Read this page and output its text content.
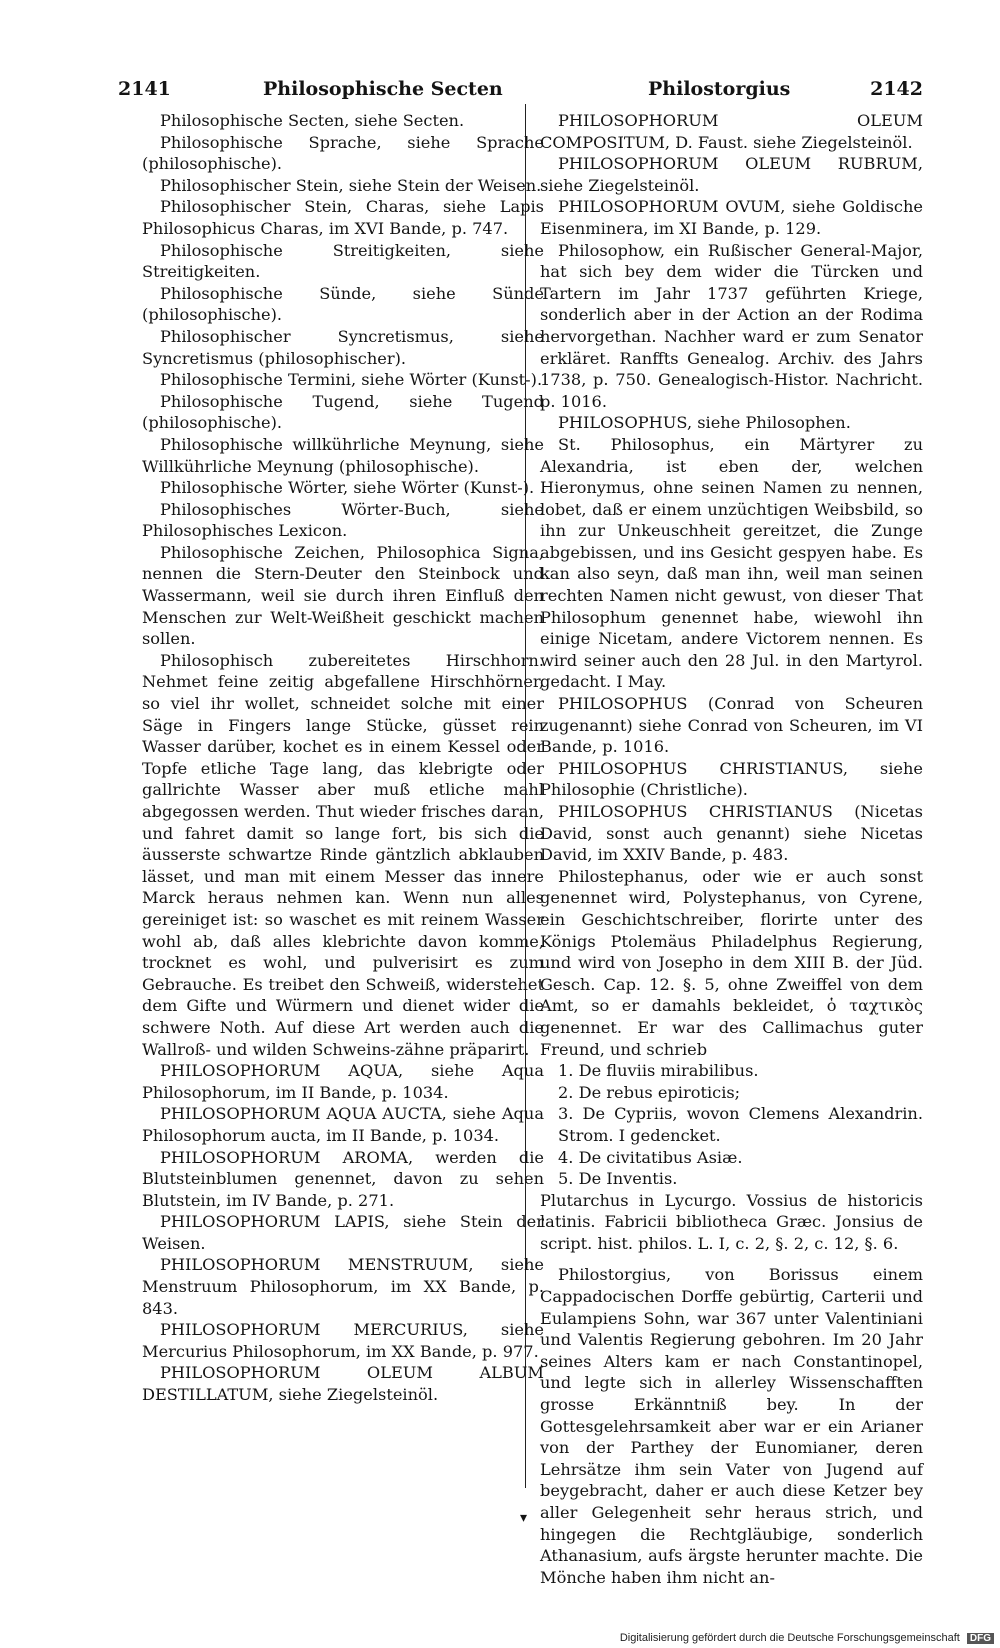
2141	Philosophische Secten	Philostorgius	2142

Philosophische Secten, siehe Secten.

Philosophische Sprache, siehe Sprache (philosophische).

Philosophischer Stein, siehe Stein der Weisen.

Philosophischer Stein, Charas, siehe Lapis Philosophicus Charas, im XVI Bande, p. 747.

Philosophische Streitigkeiten, siehe Streitigkeiten.

Philosophische Sünde, siehe Sünde (philosophische).

Philosophischer Syncretismus, siehe Syncretismus (philosophischer).

Philosophische Termini, siehe Wörter (Kunst-).

Philosophische Tugend, siehe Tugend (philosophische).

Philosophische willkührliche Meynung, siehe Willkührliche Meynung (philosophische).

Philosophische Wörter, siehe Wörter (Kunst-).

Philosophisches Wörter-Buch, siehe Philosophisches Lexicon.

Philosophische Zeichen, Philosophica Signa, nennen die Stern-Deuter den Steinbock und Wassermann, weil sie durch ihren Einfluß den Menschen zur Welt-Weißheit geschickt machen sollen.

Philosophisch zubereitetes Hirschhorn. Nehmet feine zeitig abgefallene Hirschhörner, so viel ihr wollet, schneidet solche mit einer Säge in Fingers lange Stücke, güsset rein Wasser darüber, kochet es in einem Kessel oder Topfe etliche Tage lang, das klebrigte oder gallrichte Wasser aber muß etliche mahl abgegossen werden. Thut wieder frisches daran, und fahret damit so lange fort, bis sich die äusserste schwartze Rinde gäntzlich abklauben lässet, und man mit einem Messer das innere Marck heraus nehmen kan. Wenn nun alles gereiniget ist: so waschet es mit reinem Wasser wohl ab, daß alles klebrichte davon komme, trocknet es wohl, und pulverisirt es zum Gebrauche. Es treibet den Schweiß, widerstehet dem Gifte und Würmern und dienet wider die schwere Noth. Auf diese Art werden auch die Wallroß- und wilden Schweins-zähne präparirt.

PHILOSOPHORUM AQUA, siehe Aqua Philosophorum, im II Bande, p. 1034.

PHILOSOPHORUM AQUA AUCTA, siehe Aqua Philosophorum aucta, im II Bande, p. 1034.

PHILOSOPHORUM AROMA, werden die Blutsteinblumen genennet, davon zu sehen Blutstein, im IV Bande, p. 271.

PHILOSOPHORUM LAPIS, siehe Stein der Weisen.

PHILOSOPHORUM MENSTRUUM, siehe Menstruum Philosophorum, im XX Bande, p. 843.

PHILOSOPHORUM MERCURIUS, siehe Mercurius Philosophorum, im XX Bande, p. 977.

PHILOSOPHORUM OLEUM ALBUM DESTILLATUM, siehe Ziegelsteinöl.

PHILOSOPHORUM OLEUM COMPOSITUM, D. Faust. siehe Ziegelsteinöl.

PHILOSOPHORUM OLEUM RUBRUM, siehe Ziegelsteinöl.

PHILOSOPHORUM OVUM, siehe Goldische Eisenminera, im XI Bande, p. 129.

Philosophow, ein Rußischer General-Major, hat sich bey dem wider die Türcken und Tartern im Jahr 1737 geführten Kriege, sonderlich aber in der Action an der Rodima hervorgethan. Nachher ward er zum Senator erkläret. Ranffts Genealog. Archiv. des Jahrs 1738, p. 750. Genealogisch-Histor. Nachricht. p. 1016.

PHILOSOPHUS, siehe Philosophen.

St. Philosophus, ein Märtyrer zu Alexandria, ist eben der, welchen Hieronymus, ohne seinen Namen zu nennen, lobet, daß er einem unzüchtigen Weibsbild, so ihn zur Unkeuschheit gereitzet, die Zunge abgebissen, und ins Gesicht gespyen habe. Es kan also seyn, daß man ihn, weil man seinen rechten Namen nicht gewust, von dieser That Philosophum genennet habe, wiewohl ihn einige Nicetam, andere Victorem nennen. Es wird seiner auch den 28 Jul. in den Martyrol. gedacht. I May.

PHILOSOPHUS (Conrad von Scheuren zugenannt) siehe Conrad von Scheuren, im VI Bande, p. 1016.

PHILOSOPHUS CHRISTIANUS, siehe Philosophie (Christliche).

PHILOSOPHUS CHRISTIANUS (Nicetas David, sonst auch genannt) siehe Nicetas David, im XXIV Bande, p. 483.

Philostephanus, oder wie er auch sonst genennet wird, Polystephanus, von Cyrene, ein Geschichtschreiber, florirte unter des Königs Ptolemäus Philadelphus Regierung, und wird von Josepho in dem XIII B. der Jüd. Gesch. Cap. 12. §. 5, ohne Zweiffel von dem Amt, so er damahls bekleidet, ὁ ταχτικὸς genennet. Er war des Callimachus guter Freund, und schrieb

1. De fluviis mirabilibus.
2. De rebus epiroticis;
3. De Cypriis, wovon Clemens Alexandrin. Strom. I gedencket.
4. De civitatibus Asiæ.
5. De Inventis.

Plutarchus in Lycurgo. Vossius de historicis latinis. Fabricii bibliotheca Græc. Jonsius de script. hist. philos. L. I, c. 2, §. 2, c. 12, §. 6.

Philostorgius, von Borissus einem Cappadocischen Dorffe gebürtig, Carterii und Eulampiens Sohn, war 367 unter Valentiniani und Valentis Regierung gebohren. Im 20 Jahr seines Alters kam er nach Constantinopel, und legte sich in allerley Wissenschafften grosse Erkänntniß bey. In der Gottesgelehrsamkeit aber war er ein Arianer von der Parthey der Eunomianer, deren Lehrsätze ihm sein Vater von Jugend auf beygebracht, daher er auch diese Ketzer bey aller Gelegenheit sehr heraus strich, und hingegen die Rechtgläubige, sonderlich Athanasium, aufs ärgste herunter machte. Die Mönche haben ihm nicht an-

▾
Digitalisierung gefördert durch die Deutsche Forschungsgemeinschaft DFG
